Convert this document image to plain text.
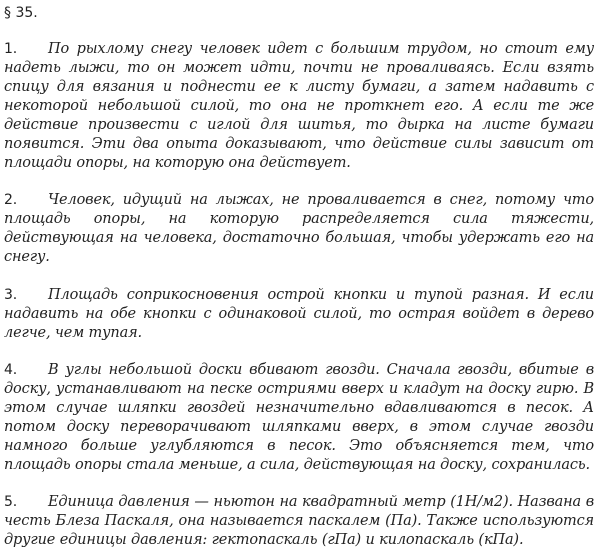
§ 35.

1. По рыхлому снегу человек идет с большим трудом, но стоит ему надеть лыжи, то он может идти, почти не проваливаясь. Если взять спицу для вязания и поднести ее к листу бумаги, а затем надавить с некоторой небольшой силой, то она не проткнет его. А если те же действие произвести с иглой для шитья, то дырка на листе бумаги появится. Эти два опыта доказывают, что действие силы зависит от площади опоры, на которую она действует.

2. Человек, идущий на лыжах, не проваливается в снег, потому что площадь опоры, на которую распределяется сила тяжести, действующая на человека, достаточно большая, чтобы удержать его на снегу.

3. Площадь соприкосновения острой кнопки и тупой разная. И если надавить на обе кнопки с одинаковой силой, то острая войдет в дерево легче, чем тупая.

4. В углы небольшой доски вбивают гвозди. Сначала гвозди, вбитые в доску, устанавливают на песке остриями вверх и кладут на доску гирю. В этом случае шляпки гвоздей незначительно вдавливаются в песок. А потом доску переворачивают шляпками вверх, в этом случае гвозди намного больше углубляются в песок. Это объясняется тем, что площадь опоры стала меньше, а сила, действующая на доску, сохранилась.

5. Единица давления — ньютон на квадратный метр (1Н/м2). Названа в честь Блеза Паскаля, она называется паскалем (Па). Также используются другие единицы давления: гектопаскаль (гПа) и килопаскаль (кПа).
